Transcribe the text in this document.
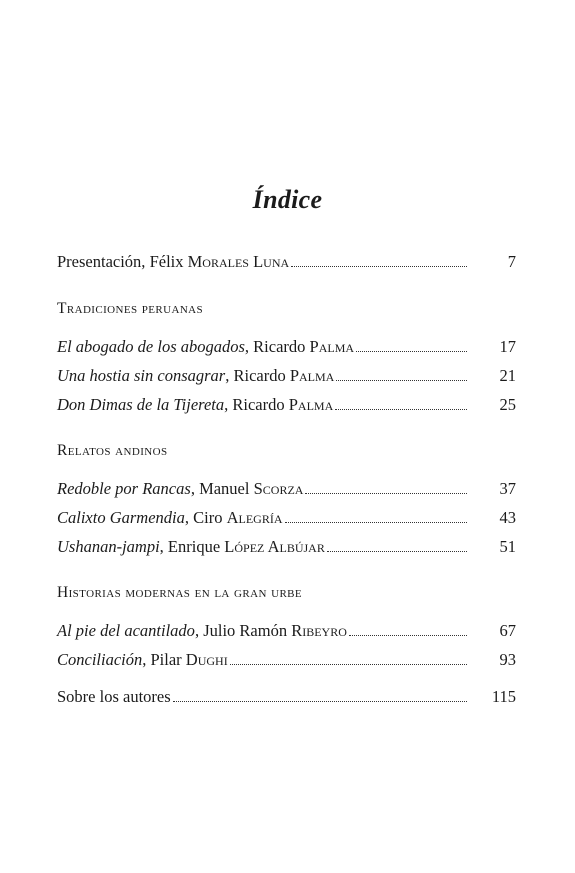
Índice
Presentación, Félix Morales Luna	7
Tradiciones peruanas
El abogado de los abogados, Ricardo Palma	17
Una hostia sin consagrar, Ricardo Palma	21
Don Dimas de la Tijereta, Ricardo Palma	25
Relatos andinos
Redoble por Rancas, Manuel Scorza	37
Calixto Garmendia, Ciro Alegría	43
Ushanan-jampi, Enrique López Albújar	51
Historias modernas en la gran urbe
Al pie del acantilado, Julio Ramón Ribeyro	67
Conciliación, Pilar Dughi	93
Sobre los autores	115
